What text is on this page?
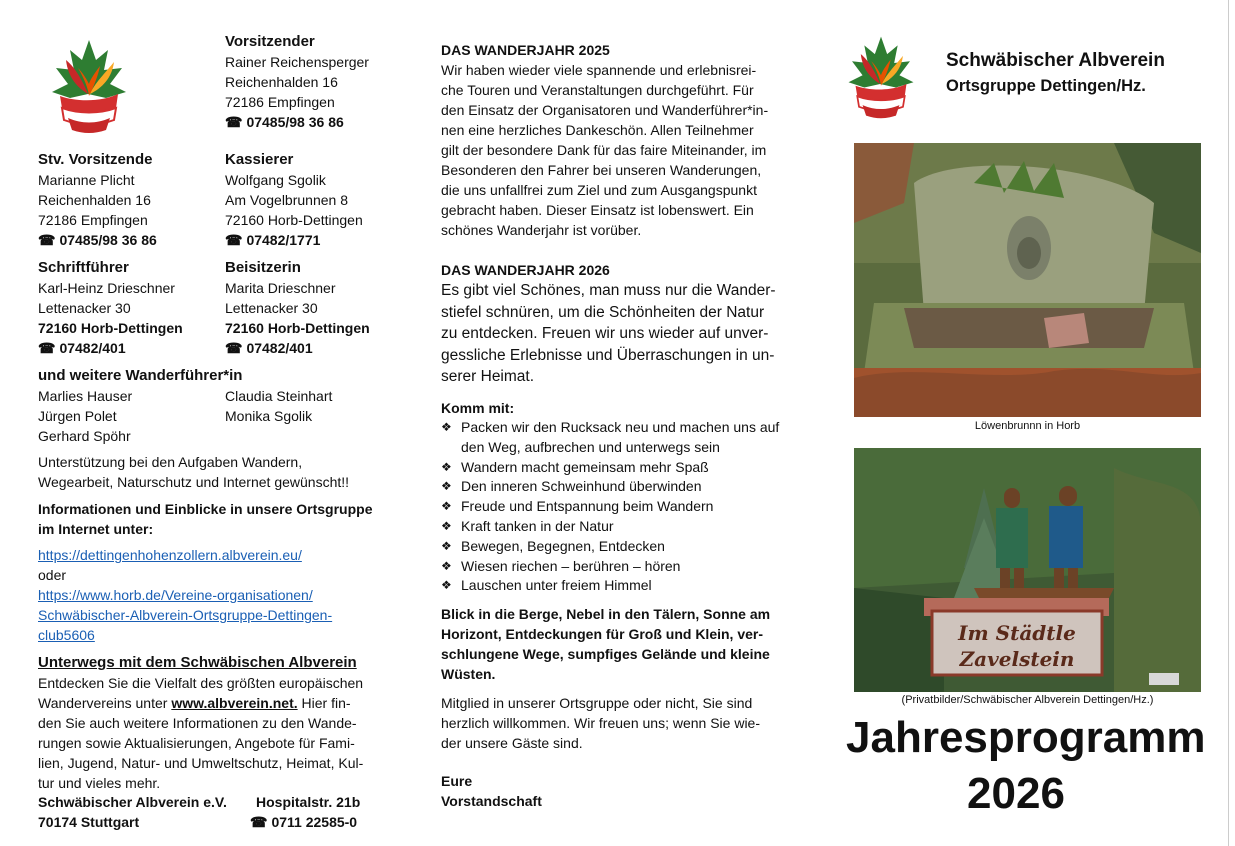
Vorsitzender
Rainer Reichensperger
Reichenhalden 16
72186 Empfingen
☎ 07485/98 36 86
Stv. Vorsitzende
Marianne Plicht
Reichenhalden 16
72186 Empfingen
☎ 07485/98 36 86
Kassierer
Wolfgang Sgolik
Am Vogelbrunnen 8
72160 Horb-Dettingen
☎ 07482/1771
Schriftführer
Karl-Heinz Drieschner
Lettenacker 30
72160 Horb-Dettingen
☎ 07482/401
Beisitzerin
Marita Drieschner
Lettenacker 30
72160 Horb-Dettingen
☎ 07482/401
und weitere Wanderführer*in
Marlies Hauser
Jürgen Polet
Gerhard Spöhr
Claudia Steinhart
Monika Sgolik
Unterstützung bei den Aufgaben Wandern,
Wegearbeit, Naturschutz und Internet gewünscht!!
Informationen und Einblicke in unsere Ortsgruppe
im Internet unter:
https://dettingenhohenzollern.albverein.eu/
oder
https://www.horb.de/Vereine-organisationen/
Schwäbischer-Albverein-Ortsgruppe-Dettingen-
club5606
Unterwegs mit dem Schwäbischen Albverein
Entdecken Sie die Vielfalt des größten europäischen
Wandervereins unter www.albverein.net. Hier fin-
den Sie auch weitere Informationen zu den Wande-
rungen sowie Aktualisierungen, Angebote für Fami-
lien, Jugend, Natur- und Umweltschutz, Heimat, Kul-
tur und vieles mehr.
Schwäbischer Albverein e.V.
70174 Stuttgart
Hospitalstr. 21b
☎ 0711 22585-0
DAS WANDERJAHR 2025
Wir haben wieder viele spannende und erlebnisrei-
che Touren und Veranstaltungen durchgeführt. Für
den Einsatz der Organisatoren und Wanderführer*in-
nen eine herzliches Dankeschön. Allen Teilnehmer
gilt der besondere Dank für das faire Miteinander, im
Besonderen den Fahrer bei unseren Wanderungen,
die uns unfallfrei zum Ziel und zum Ausgangspunkt
gebracht haben. Dieser Einsatz ist lobenswert. Ein
schönes Wanderjahr ist vorüber.
DAS WANDERJAHR 2026
Es gibt viel Schönes, man muss nur die Wander-
stiefel schnüren, um die Schönheiten der Natur
zu entdecken. Freuen wir uns wieder auf unver-
gessliche Erlebnisse und Überraschungen in un-
serer Heimat.
Komm mit:
❖ Packen wir den Rucksack neu und machen uns auf
den Weg, aufbrechen und unterwegs sein
❖ Wandern macht gemeinsam mehr Spaß
❖ Den inneren Schweinhund überwinden
❖ Freude und Entspannung beim Wandern
❖ Kraft tanken in der Natur
❖ Bewegen, Begegnen, Entdecken
❖ Wiesen riechen – berühren – hören
❖ Lauschen unter freiem Himmel
Blick in die Berge, Nebel in den Tälern, Sonne am
Horizont, Entdeckungen für Groß und Klein, ver-
schlungene Wege, sumpfiges Gelände und kleine
Wüsten.
Mitglied in unserer Ortsgruppe oder nicht, Sie sind
herzlich willkommen. Wir freuen uns; wenn Sie wie-
der unsere Gäste sind.
Eure
Vorstandschaft
Schwäbischer Albverein
Ortsgruppe Dettingen/Hz.
Löwenbrunnn in Horb
Im Städtle
Zavelstein
(Privatbilder/Schwäbischer Albverein Dettingen/Hz.)
Jahresprogramm
2026
